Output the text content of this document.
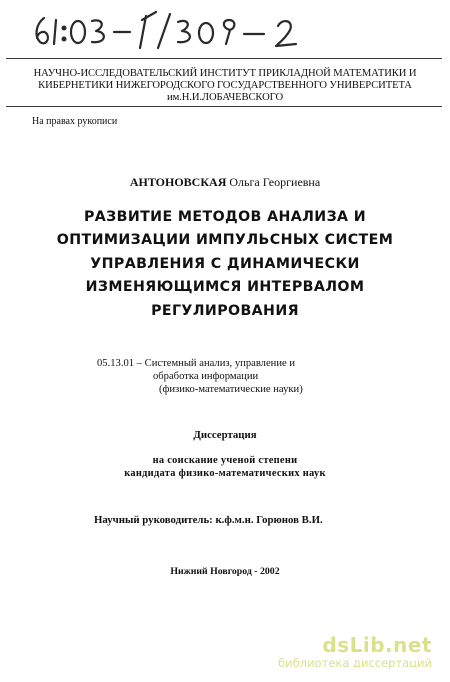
НАУЧНО-ИССЛЕДОВАТЕЛЬСКИЙ ИНСТИТУТ ПРИКЛАДНОЙ МАТЕМАТИКИ И
КИБЕРНЕТИКИ НИЖЕГОРОДСКОГО ГОСУДАРСТВЕННОГО УНИВЕРСИТЕТА
им.Н.И.ЛОБАЧЕВСКОГО
На правах рукописи
АНТОНОВСКАЯ Ольга Георгиевна
РАЗВИТИЕ МЕТОДОВ АНАЛИЗА И
ОПТИМИЗАЦИИ ИМПУЛЬСНЫХ СИСТЕМ
УПРАВЛЕНИЯ С ДИНАМИЧЕСКИ
ИЗМЕНЯЮЩИМСЯ ИНТЕРВАЛОМ
РЕГУЛИРОВАНИЯ
05.13.01 – Системный анализ, управление и
обработка информации
(физико-математические науки)
Диссертация
на соискание ученой степени
кандидата физико-математических наук
Научный руководитель: к.ф.м.н. Горюнов В.И.
Нижний Новгород - 2002
dsLib.net
библиотека диссертаций
